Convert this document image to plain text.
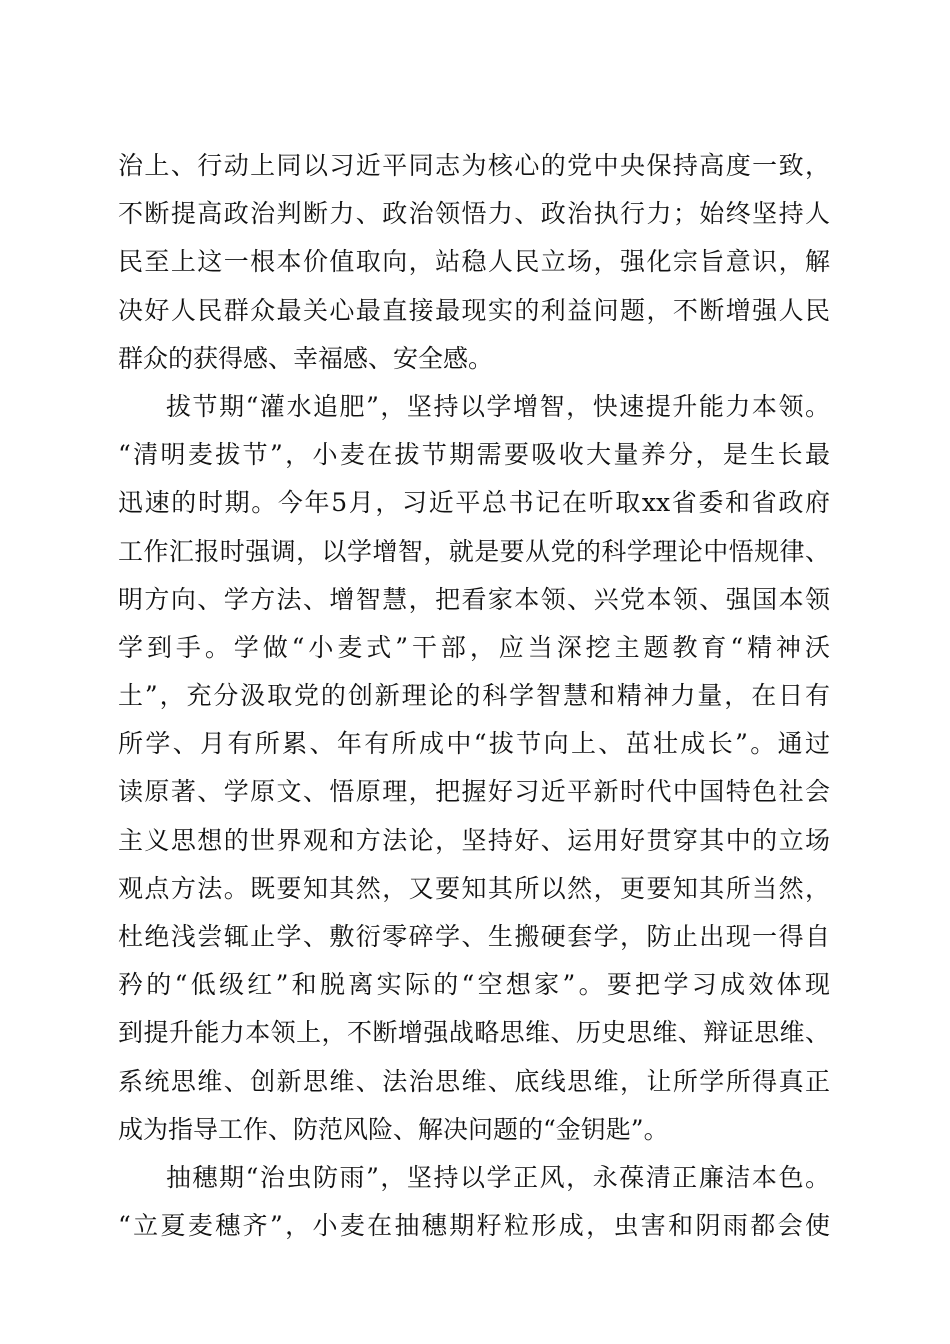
治上、行动上同以习近平同志为核心的党中央保持高度一致，
不断提高政治判断力、政治领悟力、政治执行力；始终坚持人
民至上这一根本价值取向，站稳人民立场，强化宗旨意识，解
决好人民群众最关心最直接最现实的利益问题，不断增强人民
群众的获得感、幸福感、安全感。
拔节期“灌水追肥”，坚持以学增智，快速提升能力本领。
“清明麦拔节”，小麦在拔节期需要吸收大量养分，是生长最
迅速的时期。今年5月，习近平总书记在听取xx省委和省政府
工作汇报时强调，以学增智，就是要从党的科学理论中悟规律、
明方向、学方法、增智慧，把看家本领、兴党本领、强国本领
学到手。学做“小麦式”干部，应当深挖主题教育“精神沃
土”，充分汲取党的创新理论的科学智慧和精神力量，在日有
所学、月有所累、年有所成中“拔节向上、茁壮成长”。通过
读原著、学原文、悟原理，把握好习近平新时代中国特色社会
主义思想的世界观和方法论，坚持好、运用好贯穿其中的立场
观点方法。既要知其然，又要知其所以然，更要知其所当然，
杜绝浅尝辄止学、敷衍零碎学、生搬硬套学，防止出现一得自
矜的“低级红”和脱离实际的“空想家”。要把学习成效体现
到提升能力本领上，不断增强战略思维、历史思维、辩证思维、
系统思维、创新思维、法治思维、底线思维，让所学所得真正
成为指导工作、防范风险、解决问题的“金钥匙”。
抽穗期“治虫防雨”，坚持以学正风，永葆清正廉洁本色。
“立夏麦穗齐”，小麦在抽穗期籽粒形成，虫害和阴雨都会使
